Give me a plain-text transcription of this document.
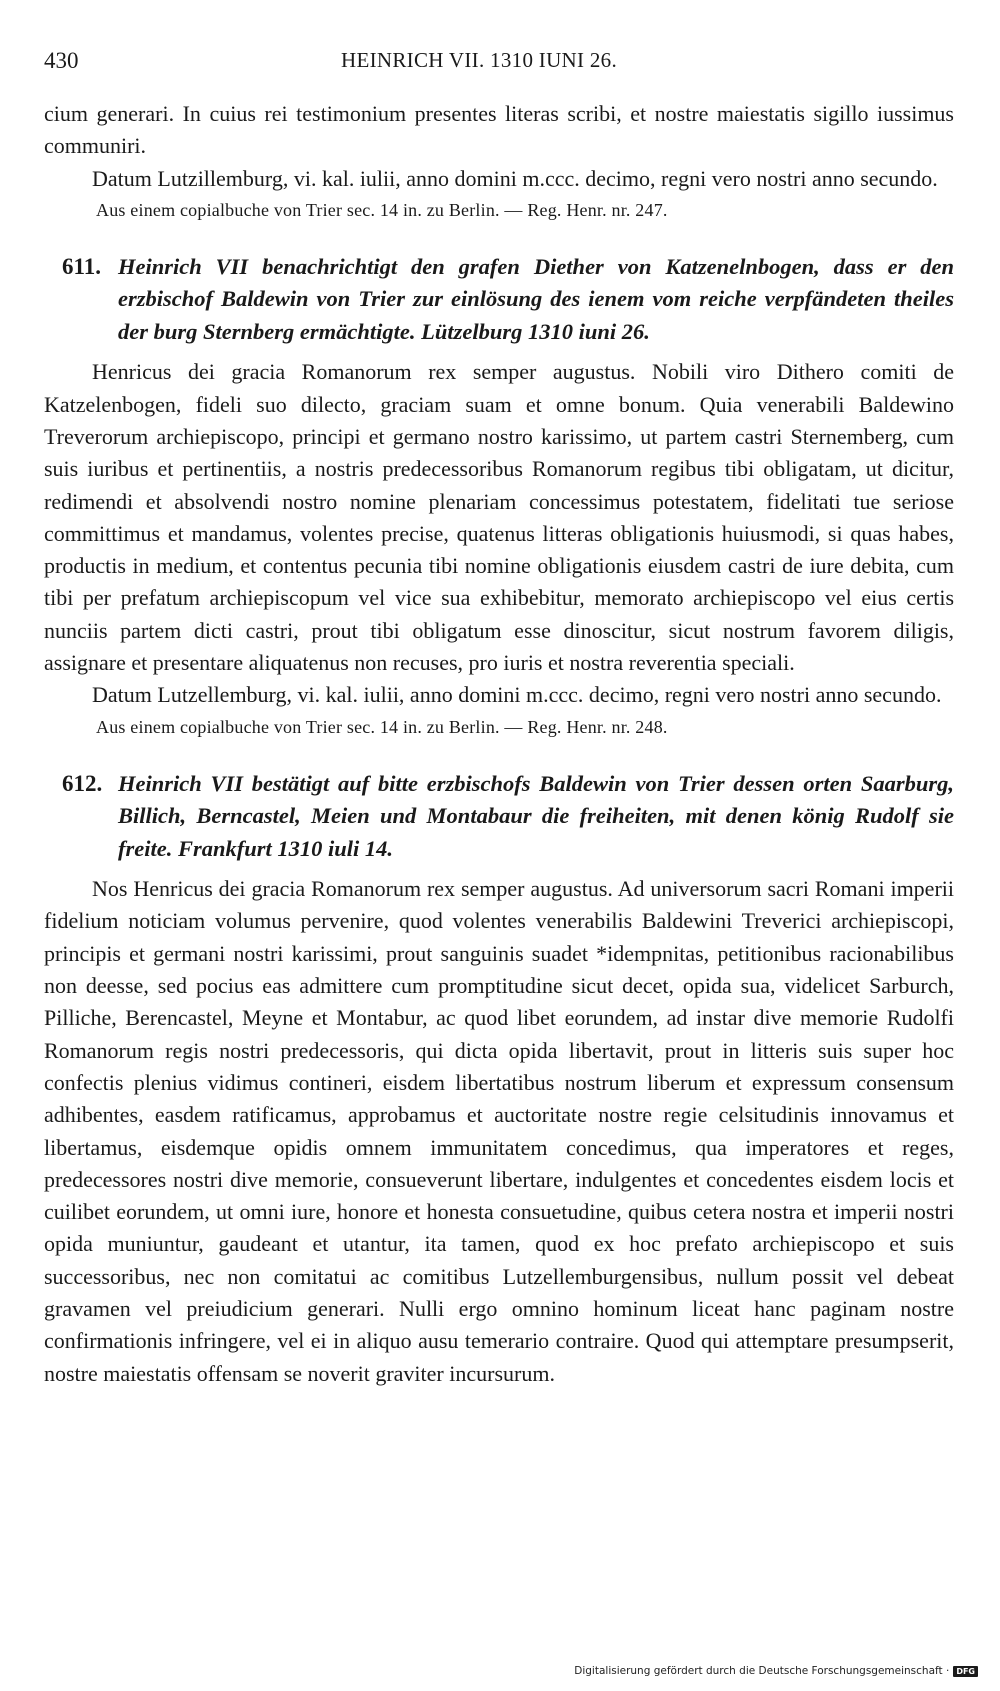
430	HEINRICH VII. 1310 IUNI 26.

cium generari. In cuius rei testimonium presentes literas scribi, et nostre maiestatis sigillo iussimus communiri.

Datum Lutzillemburg, vi. kal. iulii, anno domini m.ccc. decimo, regni vero nostri anno secundo.

Aus einem copialbuche von Trier sec. 14 in. zu Berlin. — Reg. Henr. nr. 247.

611. Heinrich VII benachrichtigt den grafen Diether von Katzenelnbogen, dass er den erzbischof Baldewin von Trier zur einlösung des ienem vom reiche verpfändeten theiles der burg Sternberg ermächtigte. Lützelburg 1310 iuni 26.

Henricus dei gracia Romanorum rex semper augustus. Nobili viro Dithero comiti de Katzelenbogen, fideli suo dilecto, graciam suam et omne bonum. Quia venerabili Baldewino Treverorum archiepiscopo, principi et germano nostro karissimo, ut partem castri Sternemberg, cum suis iuribus et pertinentiis, a nostris predecessoribus Romanorum regibus tibi obligatam, ut dicitur, redimendi et absolvendi nostro nomine plenariam concessimus potestatem, fidelitati tue seriose committimus et mandamus, volentes precise, quatenus litteras obligationis huiusmodi, si quas habes, productis in medium, et contentus pecunia tibi nomine obligationis eiusdem castri de iure debita, cum tibi per prefatum archiepiscopum vel vice sua exhibebitur, memorato archiepiscopo vel eius certis nunciis partem dicti castri, prout tibi obligatum esse dinoscitur, sicut nostrum favorem diligis, assignare et presentare aliquatenus non recuses, pro iuris et nostra reverentia speciali.

Datum Lutzellemburg, vi. kal. iulii, anno domini m.ccc. decimo, regni vero nostri anno secundo.

Aus einem copialbuche von Trier sec. 14 in. zu Berlin. — Reg. Henr. nr. 248.

612. Heinrich VII bestätigt auf bitte erzbischofs Baldewin von Trier dessen orten Saarburg, Billich, Berncastel, Meien und Montabaur die freiheiten, mit denen könig Rudolf sie freite. Frankfurt 1310 iuli 14.

Nos Henricus dei gracia Romanorum rex semper augustus. Ad universorum sacri Romani imperii fidelium noticiam volumus pervenire, quod volentes venerabilis Baldewini Treverici archiepiscopi, principis et germani nostri karissimi, prout sanguinis suadet *idempnitas, petitionibus racionabilibus non deesse, sed pocius eas admittere cum promptitudine sicut decet, opida sua, videlicet Sarburch, Pilliche, Berencastel, Meyne et Montabur, ac quod libet eorundem, ad instar dive memorie Rudolfi Romanorum regis nostri predecessoris, qui dicta opida libertavit, prout in litteris suis super hoc confectis plenius vidimus contineri, eisdem libertatibus nostrum liberum et expressum consensum adhibentes, easdem ratificamus, approbamus et auctoritate nostre regie celsitudinis innovamus et libertamus, eisdemque opidis omnem immunitatem concedimus, qua imperatores et reges, predecessores nostri dive memorie, consueverunt libertare, indulgentes et concedentes eisdem locis et cuilibet eorundem, ut omni iure, honore et honesta consuetudine, quibus cetera nostra et imperii nostri opida muniuntur, gaudeant et utantur, ita tamen, quod ex hoc prefato archiepiscopo et suis successoribus, nec non comitatui ac comitibus Lutzellemburgensibus, nullum possit vel debeat gravamen vel preiudicium generari. Nulli ergo omnino hominum liceat hanc paginam nostre confirmationis infringere, vel ei in aliquo ausu temerario contraire. Quod qui attemptare presumpserit, nostre maiestatis offensam se noverit graviter incursurum.

Digitalisierung gefördert durch die Deutsche Forschungsgemeinschaft · DFG
